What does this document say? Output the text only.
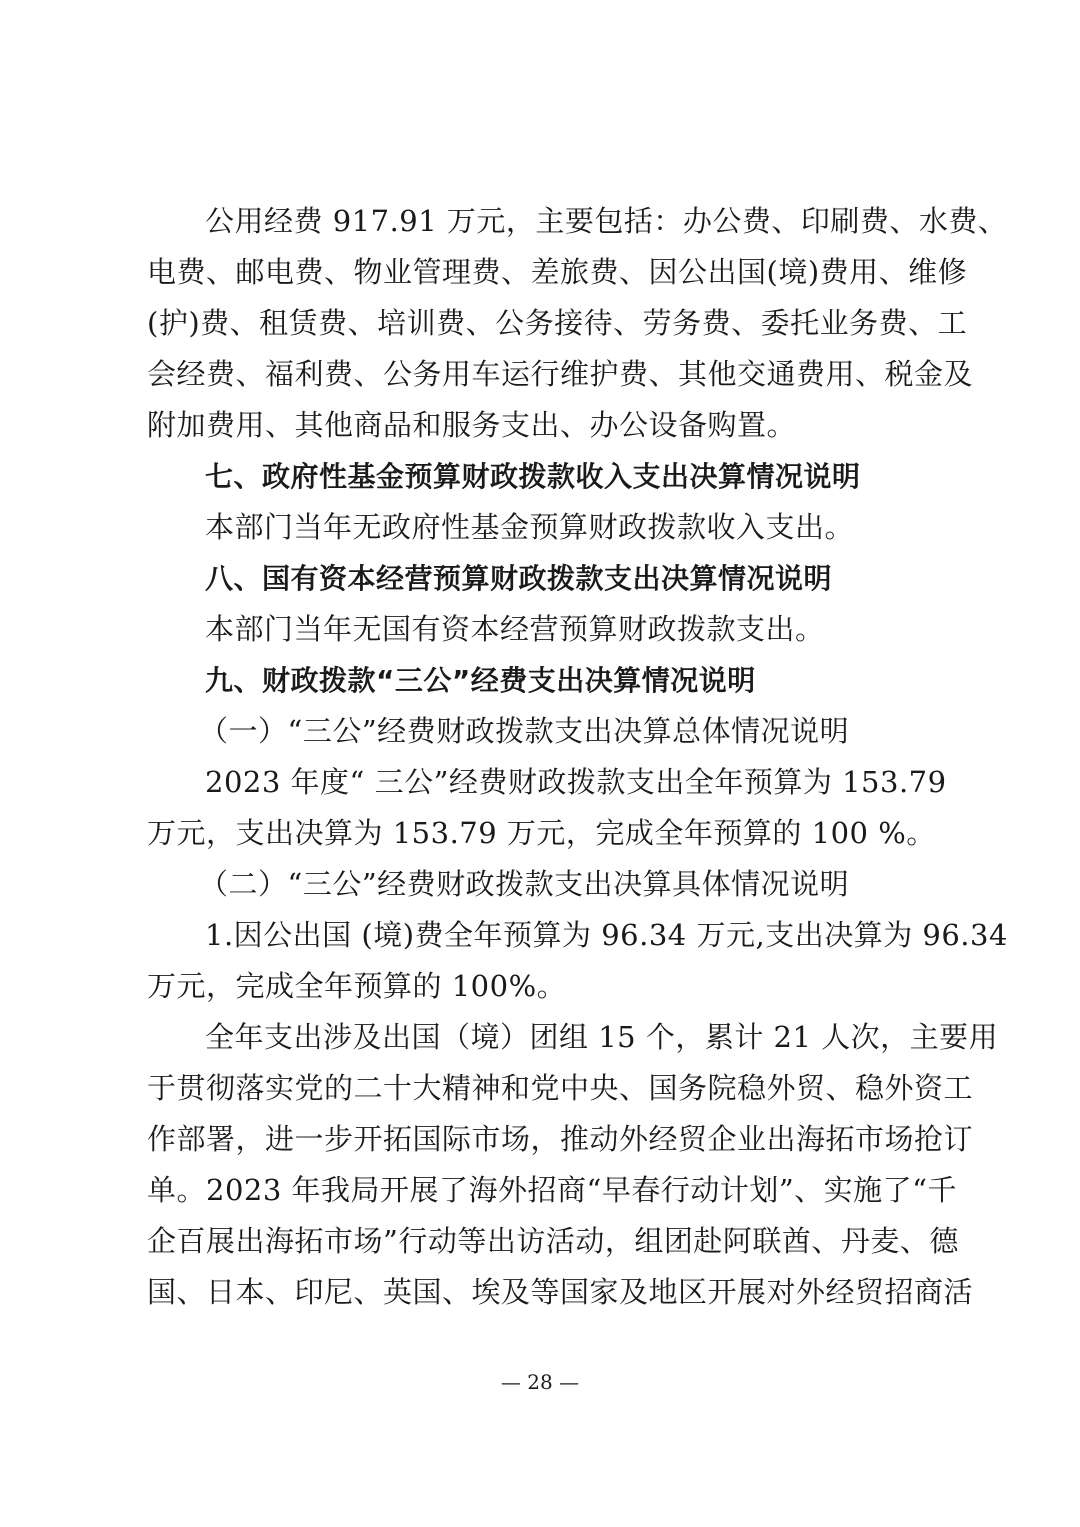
公用经费 917.91 万元，主要包括：办公费、印刷费、水费、
电费、邮电费、物业管理费、差旅费、因公出国(境)费用、维修
(护)费、租赁费、培训费、公务接待、劳务费、委托业务费、工
会经费、福利费、公务用车运行维护费、其他交通费用、税金及
附加费用、其他商品和服务支出、办公设备购置。
七、政府性基金预算财政拨款收入支出决算情况说明
本部门当年无政府性基金预算财政拨款收入支出。
八、国有资本经营预算财政拨款支出决算情况说明
本部门当年无国有资本经营预算财政拨款支出。
九、财政拨款“三公”经费支出决算情况说明
（一）“三公”经费财政拨款支出决算总体情况说明
2023 年度“ 三公”经费财政拨款支出全年预算为 153.79
万元，支出决算为 153.79 万元，完成全年预算的 100 %。
（二）“三公”经费财政拨款支出决算具体情况说明
1.因公出国 (境)费全年预算为 96.34 万元,支出决算为 96.34
万元，完成全年预算的 100%。
全年支出涉及出国（境）团组 15 个，累计 21 人次，主要用
于贯彻落实党的二十大精神和党中央、国务院稳外贸、稳外资工
作部署，进一步开拓国际市场，推动外经贸企业出海拓市场抢订
单。2023 年我局开展了海外招商“早春行动计划”、实施了“千
企百展出海拓市场”行动等出访活动，组团赴阿联酋、丹麦、德
国、日本、印尼、英国、埃及等国家及地区开展对外经贸招商活
— 28 —
